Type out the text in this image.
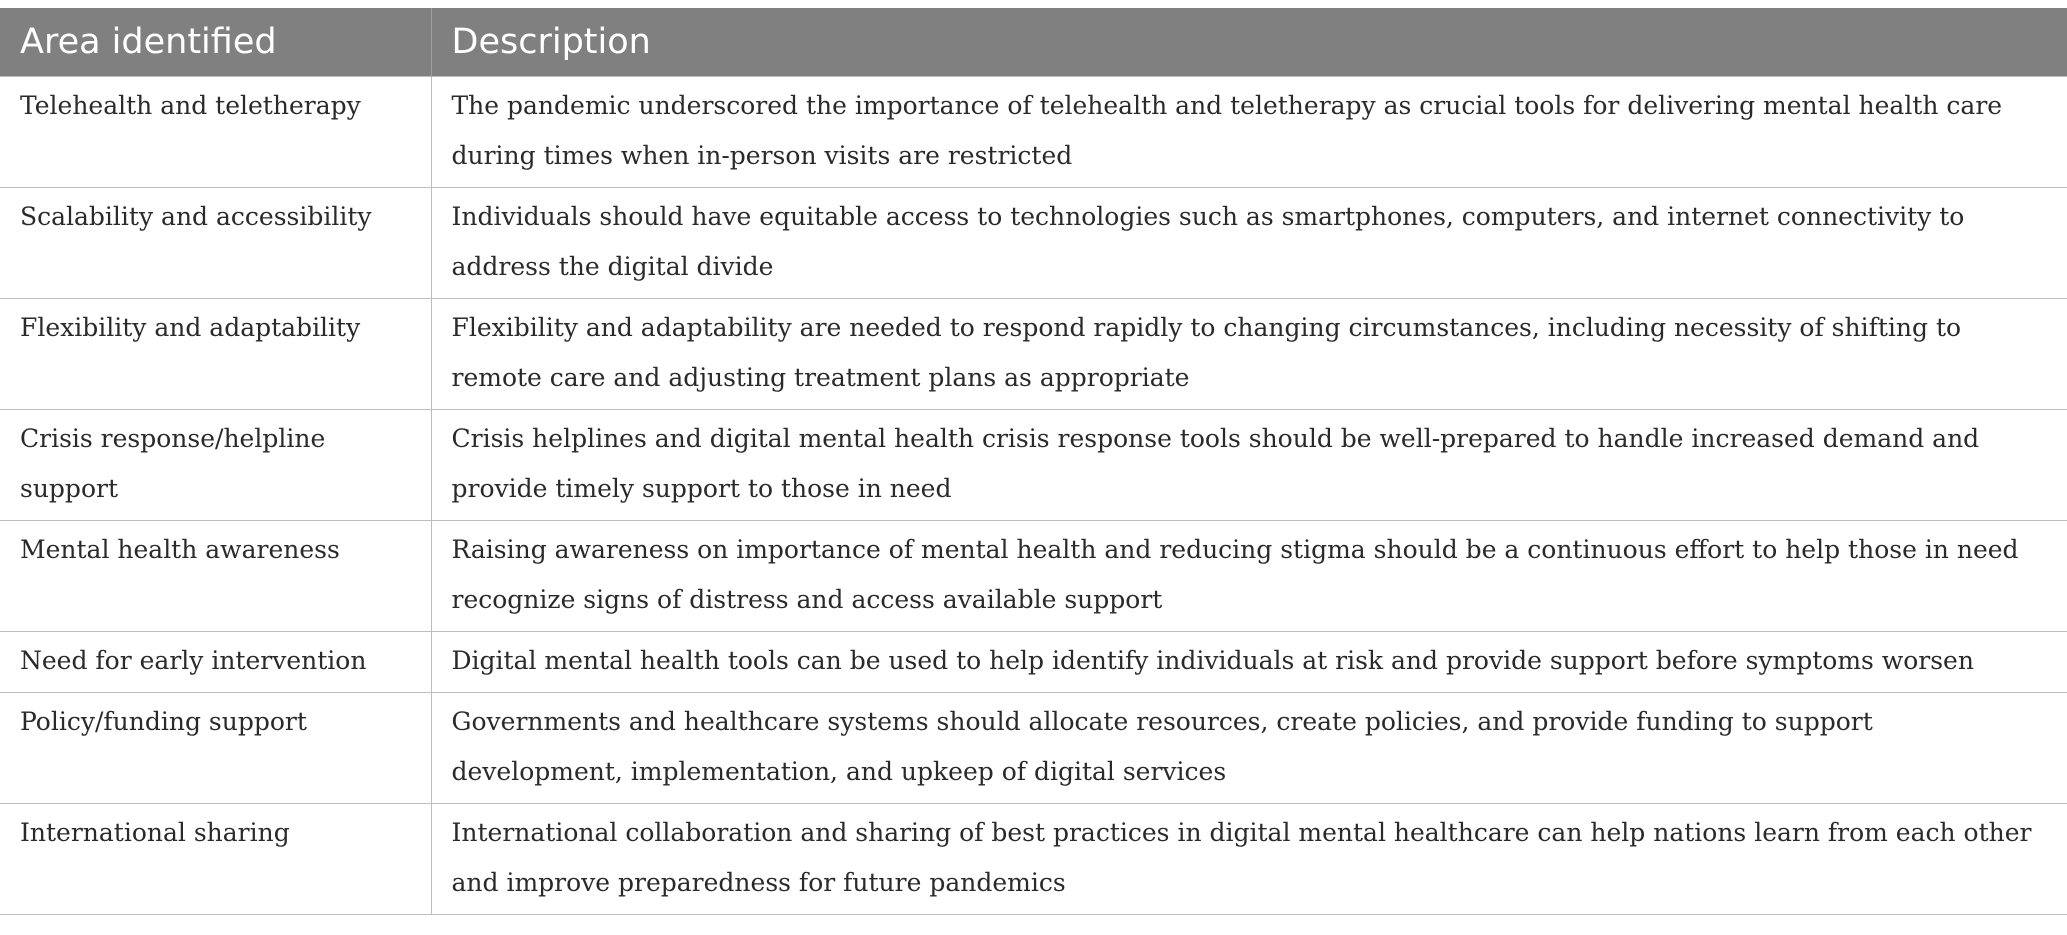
Area identified	Description
Telehealth and teletherapy	The pandemic underscored the importance of telehealth and teletherapy as crucial tools for delivering mental health care during times when in-person visits are restricted
Scalability and accessibility	Individuals should have equitable access to technologies such as smartphones, computers, and internet connectivity to address the digital divide
Flexibility and adaptability	Flexibility and adaptability are needed to respond rapidly to changing circumstances, including necessity of shifting to remote care and adjusting treatment plans as appropriate
Crisis response/helpline support	Crisis helplines and digital mental health crisis response tools should be well-prepared to handle increased demand and provide timely support to those in need
Mental health awareness	Raising awareness on importance of mental health and reducing stigma should be a continuous effort to help those in need recognize signs of distress and access available support
Need for early intervention	Digital mental health tools can be used to help identify individuals at risk and provide support before symptoms worsen
Policy/funding support	Governments and healthcare systems should allocate resources, create policies, and provide funding to support development, implementation, and upkeep of digital services
International sharing	International collaboration and sharing of best practices in digital mental healthcare can help nations learn from each other and improve preparedness for future pandemics
